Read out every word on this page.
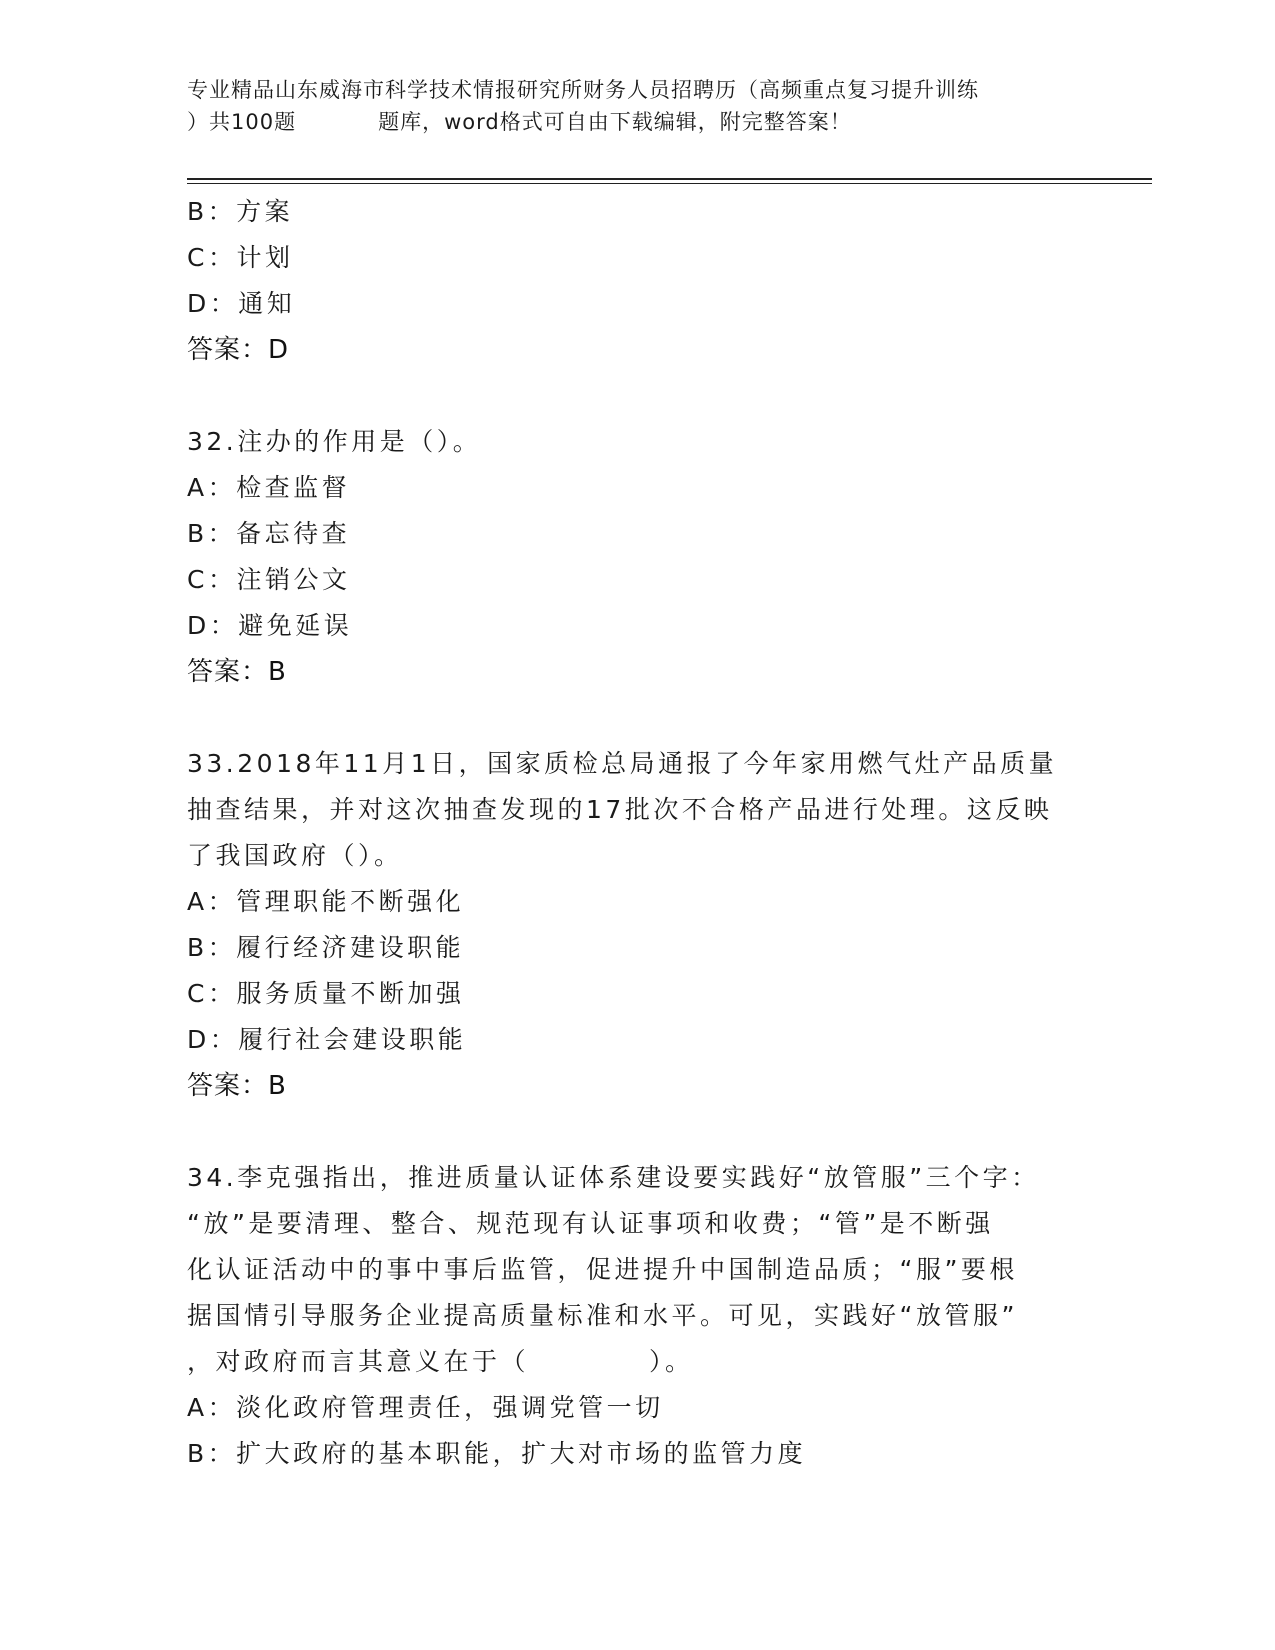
专业精品山东威海市科学技术情报研究所财务人员招聘历（高频重点复习提升训练
）共100题	题库，word格式可自由下载编辑，附完整答案！
B：方案
C：计划
D：通知
答案：D
32.注办的作用是（）。
A：检查监督
B：备忘待查
C：注销公文
D：避免延误
答案：B
33.2018年11月1日，国家质检总局通报了今年家用燃气灶产品质量
抽查结果，并对这次抽查发现的17批次不合格产品进行处理。这反映
了我国政府（）。
A：管理职能不断强化
B：履行经济建设职能
C：服务质量不断加强
D：履行社会建设职能
答案：B
34.李克强指出，推进质量认证体系建设要实践好“放管服”三个字：
“放”是要清理、整合、规范现有认证事项和收费；“管”是不断强
化认证活动中的事中事后监管，促进提升中国制造品质；“服”要根
据国情引导服务企业提高质量标准和水平。可见，实践好“放管服”
，对政府而言其意义在于（	）。
A：淡化政府管理责任，强调党管一切
B：扩大政府的基本职能，扩大对市场的监管力度
